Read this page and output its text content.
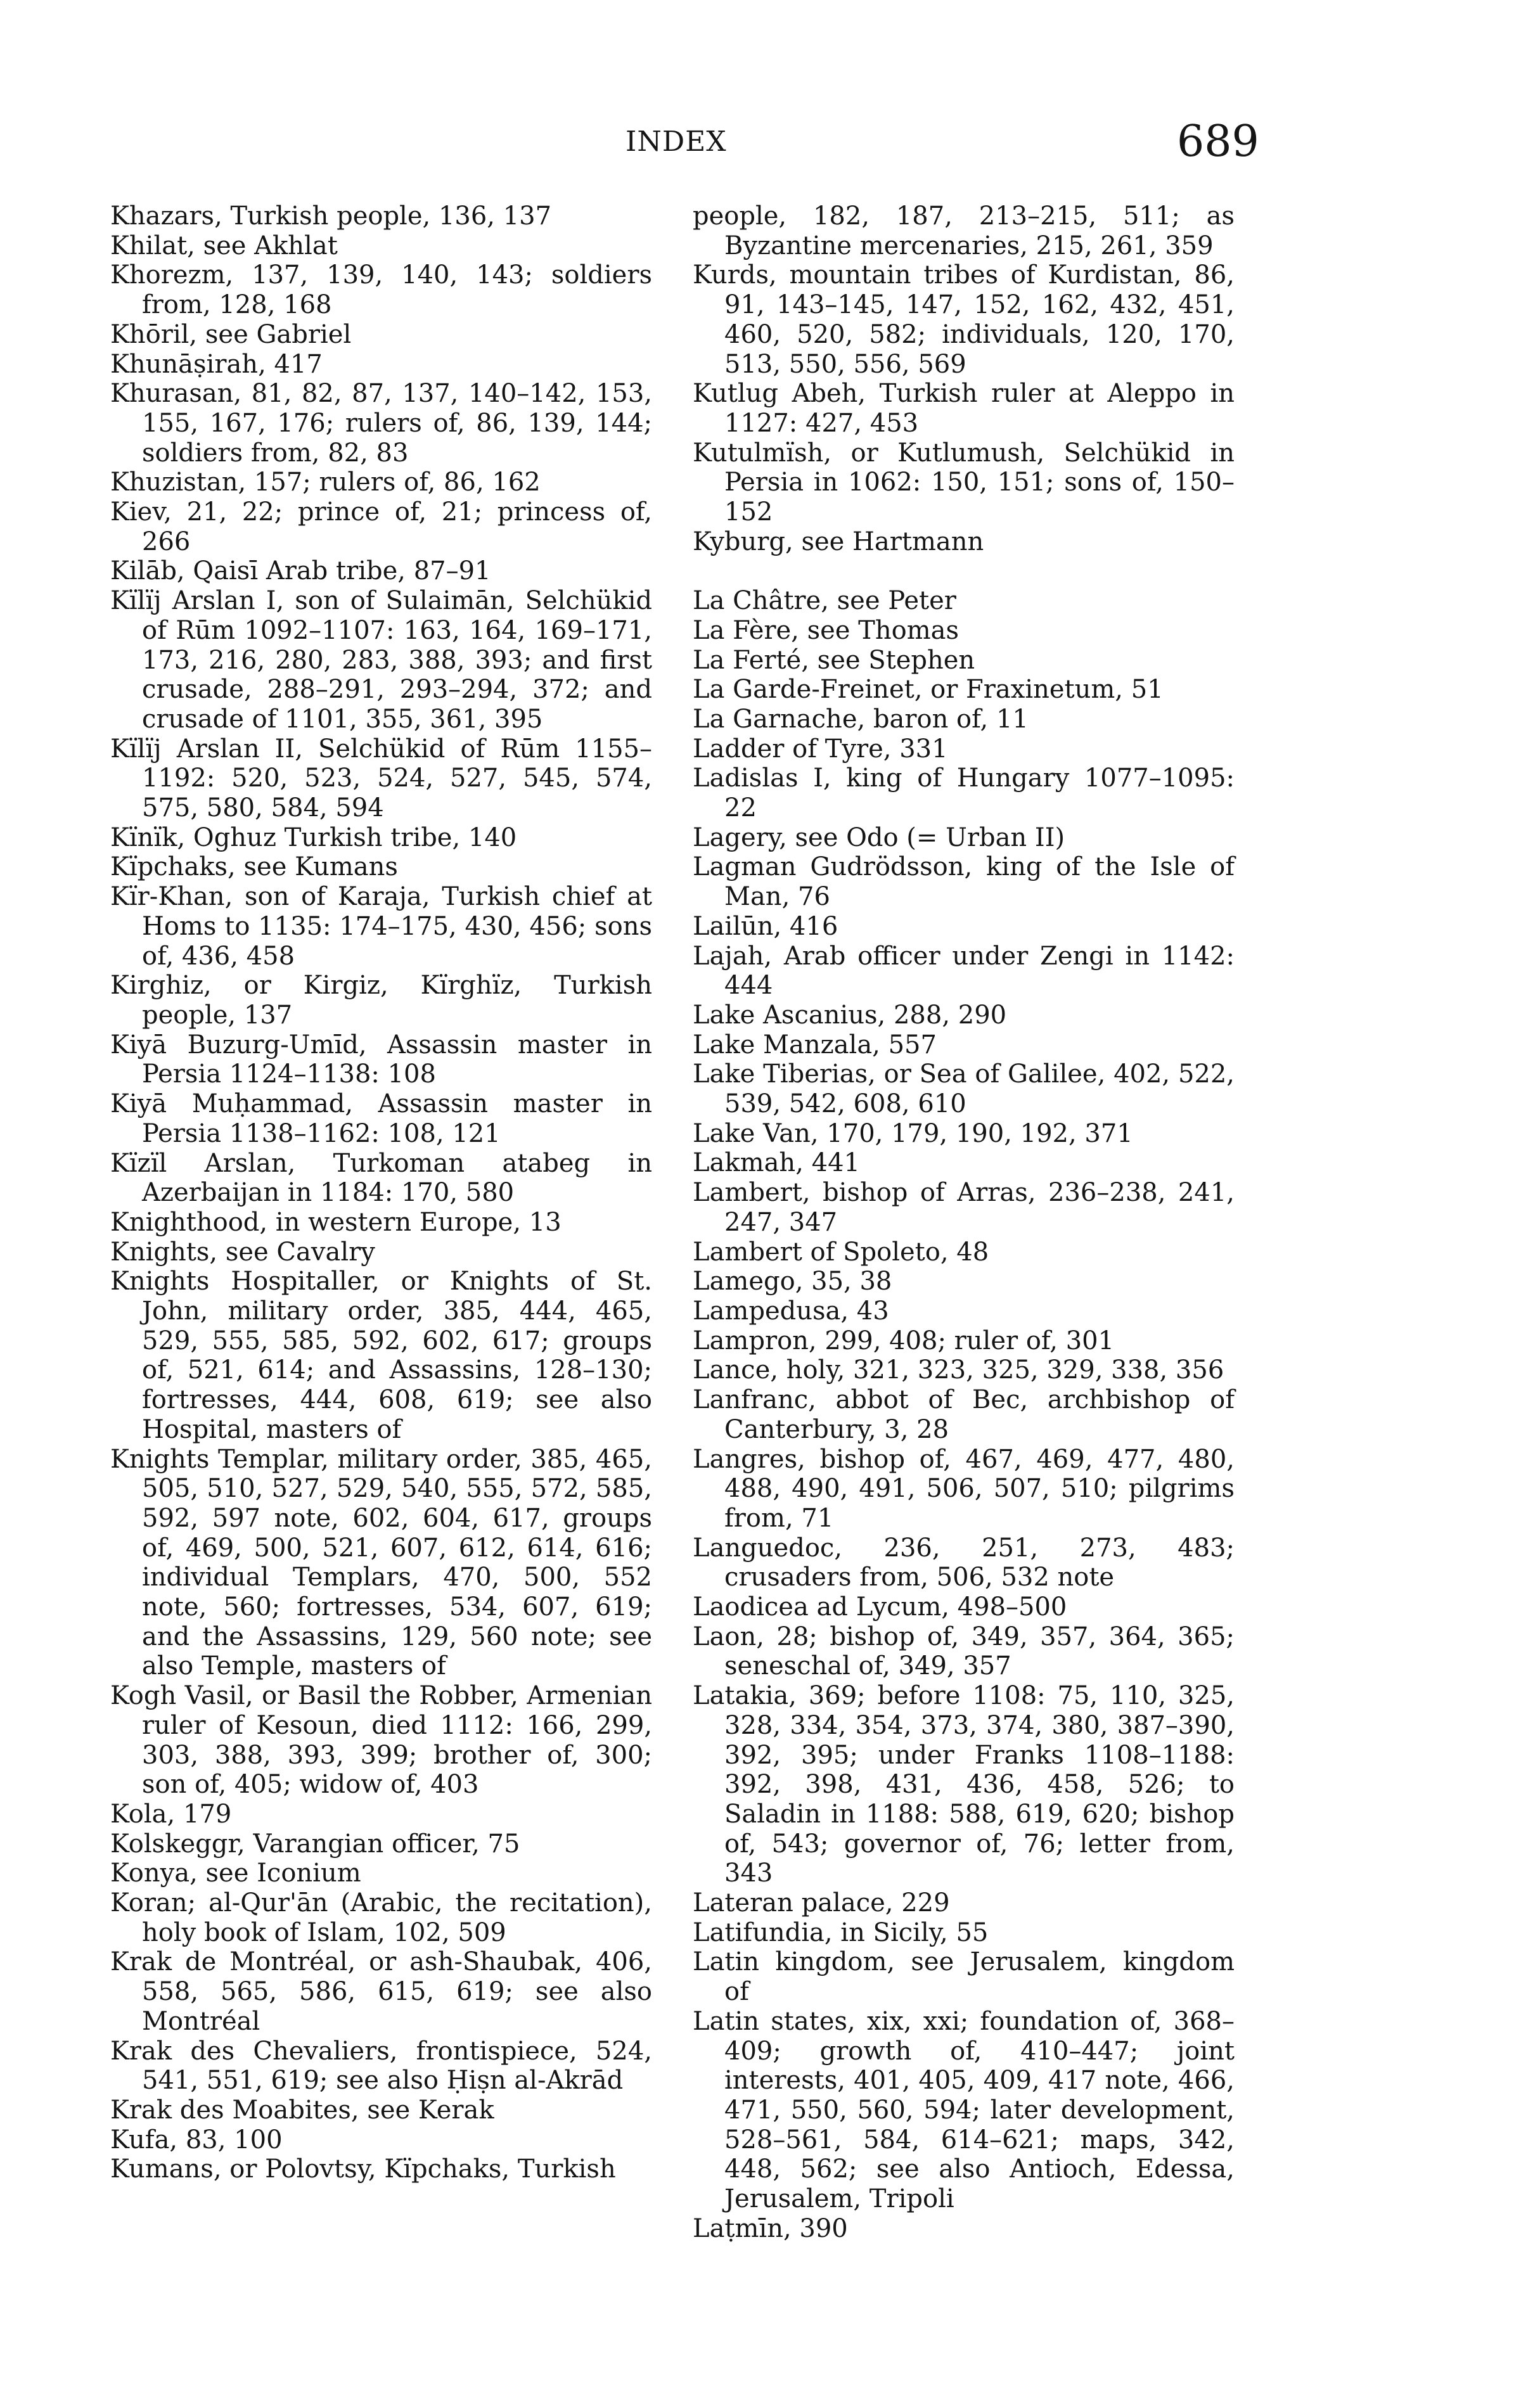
INDEX	689

Khazars, Turkish people, 136, 137

Khilat, see Akhlat

Khorezm, 137, 139, 140, 143; soldiers from, 128, 168

Khōril, see Gabriel

Khunāṣirah, 417

Khurasan, 81, 82, 87, 137, 140–142, 153, 155, 167, 176; rulers of, 86, 139, 144; soldiers from, 82, 83

Khuzistan, 157; rulers of, 86, 162

Kiev, 21, 22; prince of, 21; princess of, 266

Kilāb, Qaisī Arab tribe, 87–91

Kïlïj Arslan I, son of Sulaimān, Selchükid of Rūm 1092–1107: 163, 164, 169–171, 173, 216, 280, 283, 388, 393; and first crusade, 288–291, 293–294, 372; and crusade of 1101, 355, 361, 395

Kïlïj Arslan II, Selchükid of Rūm 1155–1192: 520, 523, 524, 527, 545, 574, 575, 580, 584, 594

Kïnïk, Oghuz Turkish tribe, 140

Kïpchaks, see Kumans

Kïr-Khan, son of Karaja, Turkish chief at Homs to 1135: 174–175, 430, 456; sons of, 436, 458

Kirghiz, or Kirgiz, Kïrghïz, Turkish people, 137

Kiyā Buzurg-Umīd, Assassin master in Persia 1124–1138: 108

Kiyā Muḥammad, Assassin master in Persia 1138–1162: 108, 121

Kïzïl Arslan, Turkoman atabeg in Azerbaijan in 1184: 170, 580

Knighthood, in western Europe, 13

Knights, see Cavalry

Knights Hospitaller, or Knights of St. John, military order, 385, 444, 465, 529, 555, 585, 592, 602, 617; groups of, 521, 614; and Assassins, 128–130; fortresses, 444, 608, 619; see also Hospital, masters of

Knights Templar, military order, 385, 465, 505, 510, 527, 529, 540, 555, 572, 585, 592, 597 note, 602, 604, 617, groups of, 469, 500, 521, 607, 612, 614, 616; individual Templars, 470, 500, 552 note, 560; fortresses, 534, 607, 619; and the Assassins, 129, 560 note; see also Temple, masters of

Kogh Vasil, or Basil the Robber, Armenian ruler of Kesoun, died 1112: 166, 299, 303, 388, 393, 399; brother of, 300; son of, 405; widow of, 403

Kola, 179

Kolskeggr, Varangian officer, 75

Konya, see Iconium

Koran; al-Qur'ān (Arabic, the recitation), holy book of Islam, 102, 509

Krak de Montréal, or ash-Shaubak, 406, 558, 565, 586, 615, 619; see also Montréal

Krak des Chevaliers, frontispiece, 524, 541, 551, 619; see also Ḥiṣn al-Akrād

Krak des Moabites, see Kerak

Kufa, 83, 100

Kumans, or Polovtsy, Kïpchaks, Turkish

people, 182, 187, 213–215, 511; as Byzantine mercenaries, 215, 261, 359

Kurds, mountain tribes of Kurdistan, 86, 91, 143–145, 147, 152, 162, 432, 451, 460, 520, 582; individuals, 120, 170, 513, 550, 556, 569

Kutlug Abeh, Turkish ruler at Aleppo in 1127: 427, 453

Kutulmïsh, or Kutlumush, Selchükid in Persia in 1062: 150, 151; sons of, 150–152

Kyburg, see Hartmann

La Châtre, see Peter

La Fère, see Thomas

La Ferté, see Stephen

La Garde-Freinet, or Fraxinetum, 51

La Garnache, baron of, 11

Ladder of Tyre, 331

Ladislas I, king of Hungary 1077–1095: 22

Lagery, see Odo (= Urban II)

Lagman Gudrödsson, king of the Isle of Man, 76

Lailūn, 416

Lajah, Arab officer under Zengi in 1142: 444

Lake Ascanius, 288, 290

Lake Manzala, 557

Lake Tiberias, or Sea of Galilee, 402, 522, 539, 542, 608, 610

Lake Van, 170, 179, 190, 192, 371

Lakmah, 441

Lambert, bishop of Arras, 236–238, 241, 247, 347

Lambert of Spoleto, 48

Lamego, 35, 38

Lampedusa, 43

Lampron, 299, 408; ruler of, 301

Lance, holy, 321, 323, 325, 329, 338, 356

Lanfranc, abbot of Bec, archbishop of Canterbury, 3, 28

Langres, bishop of, 467, 469, 477, 480, 488, 490, 491, 506, 507, 510; pilgrims from, 71

Languedoc, 236, 251, 273, 483; crusaders from, 506, 532 note

Laodicea ad Lycum, 498–500

Laon, 28; bishop of, 349, 357, 364, 365; seneschal of, 349, 357

Latakia, 369; before 1108: 75, 110, 325, 328, 334, 354, 373, 374, 380, 387–390, 392, 395; under Franks 1108–1188: 392, 398, 431, 436, 458, 526; to Saladin in 1188: 588, 619, 620; bishop of, 543; governor of, 76; letter from, 343

Lateran palace, 229

Latifundia, in Sicily, 55

Latin kingdom, see Jerusalem, kingdom of

Latin states, xix, xxi; foundation of, 368–409; growth of, 410–447; joint interests, 401, 405, 409, 417 note, 466, 471, 550, 560, 594; later development, 528–561, 584, 614–621; maps, 342, 448, 562; see also Antioch, Edessa, Jerusalem, Tripoli

Laṭmīn, 390
